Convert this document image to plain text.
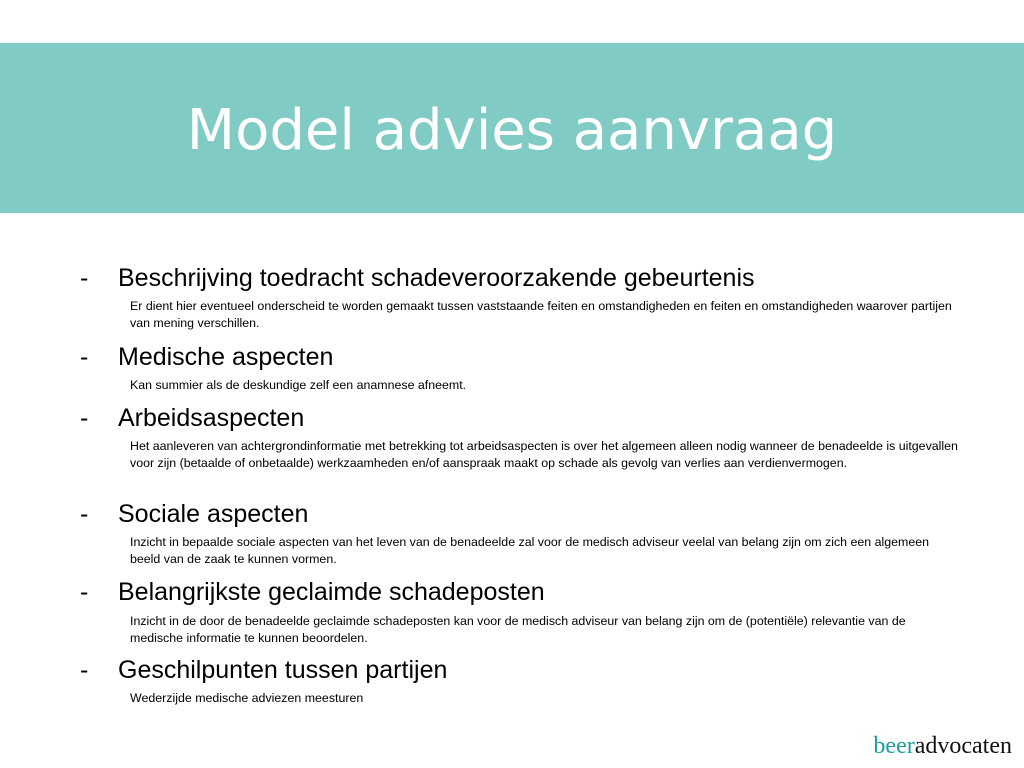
Model advies aanvraag
- Beschrijving toedracht schadeveroorzakende gebeurtenis

Er dient hier eventueel onderscheid te worden gemaakt tussen vaststaande feiten en omstandigheden en feiten en omstandigheden waarover partijen van mening verschillen.

- Medische aspecten

Kan summier als de deskundige zelf een anamnese afneemt.

- Arbeidsaspecten

Het aanleveren van achtergrondinformatie met betrekking tot arbeidsaspecten is over het algemeen alleen nodig wanneer de benadeelde is uitgevallen voor zijn (betaalde of onbetaalde) werkzaamheden en/of aanspraak maakt op schade als gevolg van verlies aan verdienvermogen.

- Sociale aspecten

Inzicht in bepaalde sociale aspecten van het leven van de benadeelde zal voor de medisch adviseur veelal van belang zijn om zich een algemeen beeld van de zaak te kunnen vormen.

- Belangrijkste geclaimde schadeposten

Inzicht in de door de benadeelde geclaimde schadeposten kan voor de medisch adviseur van belang zijn om de (potentiële) relevantie van de medische informatie te kunnen beoordelen.

- Geschilpunten tussen partijen

Wederzijde medische adviezen meesturen

beeradvocaten
